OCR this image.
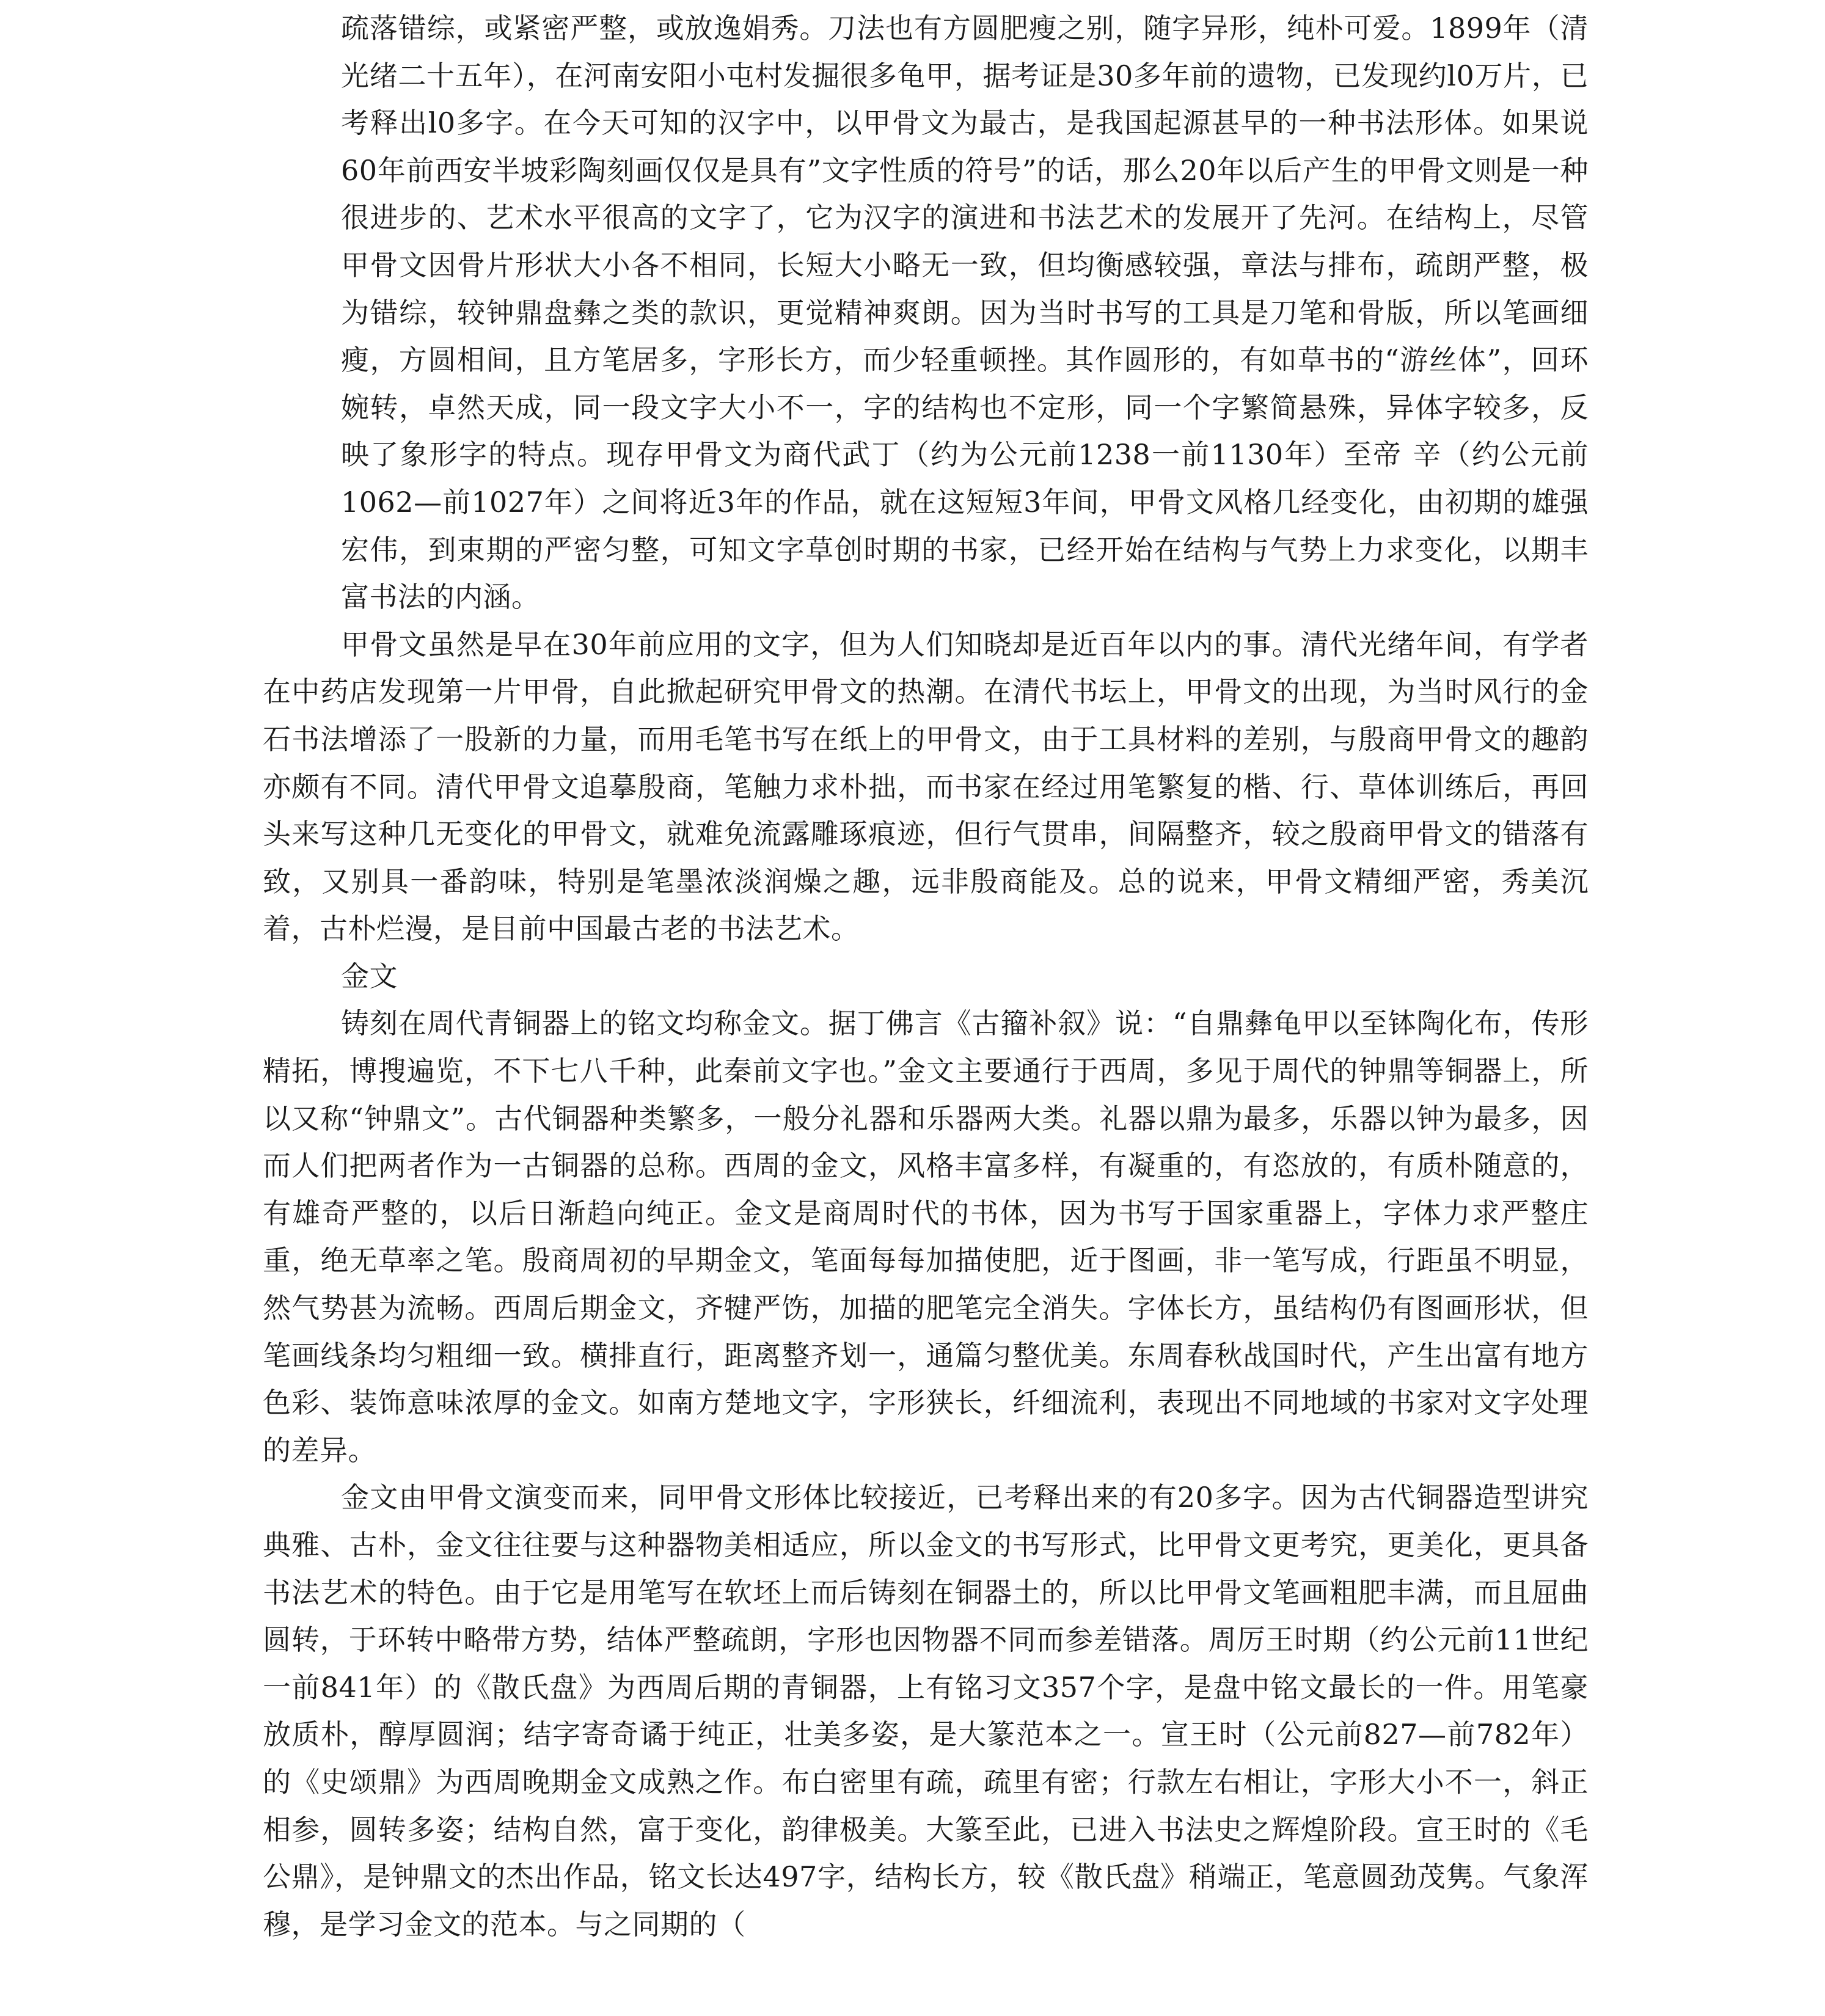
疏落错综，或紧密严整，或放逸娟秀。刀法也有方圆肥瘦之别，随字异形，纯朴可爱。1899年（清光绪二十五年），在河南安阳小屯村发掘很多龟甲，据考证是30多年前的遗物，已发现约l0万片，已考释出l0多字。在今天可知的汉字中，以甲骨文为最古，是我国起源甚早的一种书法形体。如果说60年前西安半坡彩陶刻画仅仅是具有”文字性质的符号”的话，那么20年以后产生的甲骨文则是一种很进步的、艺术水平很高的文字了，它为汉字的演进和书法艺术的发展开了先河。在结构上，尽管甲骨文因骨片形状大小各不相同，长短大小略无一致，但均衡感较强，章法与排布，疏朗严整，极为错综，较钟鼎盘彝之类的款识，更觉精神爽朗。因为当时书写的工具是刀笔和骨版，所以笔画细瘦，方圆相间，且方笔居多，字形长方，而少轻重顿挫。其作圆形的，有如草书的“游丝体”，回环婉转，卓然天成，同一段文字大小不一，字的结构也不定形，同一个字繁简悬殊，异体字较多，反映了象形字的特点。现存甲骨文为商代武丁（约为公元前1238一前1130年）至帝 辛（约公元前1062—前1027年）之间将近3年的作品，就在这短短3年间，甲骨文风格几经变化，由初期的雄强宏伟，到束期的严密匀整，可知文字草创时期的书家，已经开始在结构与气势上力求变化，以期丰富书法的内涵。

甲骨文虽然是早在30年前应用的文字，但为人们知晓却是近百年以内的事。清代光绪年间，有学者在中药店发现第一片甲骨，自此掀起研究甲骨文的热潮。在清代书坛上，甲骨文的出现，为当时风行的金石书法增添了一股新的力量，而用毛笔书写在纸上的甲骨文，由于工具材料的差别，与殷商甲骨文的趣韵亦颇有不同。清代甲骨文追摹殷商，笔触力求朴拙，而书家在经过用笔繁复的楷、行、草体训练后，再回头来写这种几无变化的甲骨文，就难免流露雕琢痕迹，但行气贯串，间隔整齐，较之殷商甲骨文的错落有致，又别具一番韵味，特别是笔墨浓淡润燥之趣，远非殷商能及。总的说来，甲骨文精细严密，秀美沉着，古朴烂漫，是目前中国最古老的书法艺术。

金文

铸刻在周代青铜器上的铭文均称金文。据丁佛言《古籀补叙》说：“自鼎彝龟甲以至钵陶化布，传形精拓，博搜遍览，不下七八千种，此秦前文字也。”金文主要通行于西周，多见于周代的钟鼎等铜器上，所以又称“钟鼎文”。古代铜器种类繁多，一般分礼器和乐器两大类。礼器以鼎为最多，乐器以钟为最多，因而人们把两者作为一古铜器的总称。西周的金文，风格丰富多样，有凝重的，有恣放的，有质朴随意的，有雄奇严整的，以后日渐趋向纯正。金文是商周时代的书体，因为书写于国家重器上，字体力求严整庄重，绝无草率之笔。殷商周初的早期金文，笔面每每加描使肥，近于图画，非一笔写成，行距虽不明显，然气势甚为流畅。西周后期金文，齐犍严饬，加描的肥笔完全消失。字体长方，虽结构仍有图画形状，但笔画线条均匀粗细一致。横排直行，距离整齐划一，通篇匀整优美。东周春秋战国时代，产生出富有地方色彩、装饰意味浓厚的金文。如南方楚地文字，字形狭长，纤细流利，表现出不同地域的书家对文字处理的差异。

金文由甲骨文演变而来，同甲骨文形体比较接近，已考释出来的有20多字。因为古代铜器造型讲究典雅、古朴，金文往往要与这种器物美相适应，所以金文的书写形式，比甲骨文更考究，更美化，更具备书法艺术的特色。由于它是用笔写在软坯上而后铸刻在铜器土的，所以比甲骨文笔画粗肥丰满，而且屈曲圆转，于环转中略带方势，结体严整疏朗，字形也因物器不同而参差错落。周厉王时期（约公元前11世纪一前841年）的《散氏盘》为西周后期的青铜器，上有铭习文357个字，是盘中铭文最长的一件。用笔豪放质朴，醇厚圆润；结字寄奇谲于纯正，壮美多姿，是大篆范本之一。宣王时（公元前827—前782年）的《史颂鼎》为西周晚期金文成熟之作。布白密里有疏，疏里有密；行款左右相让，字形大小不一，斜正相参，圆转多姿；结构自然，富于变化，韵律极美。大篆至此，已进入书法史之辉煌阶段。宣王时的《毛公鼎》，是钟鼎文的杰出作品，铭文长达497字，结构长方，较《散氏盘》稍端正，笔意圆劲茂隽。气象浑穆，是学习金文的范本。与之同期的（
